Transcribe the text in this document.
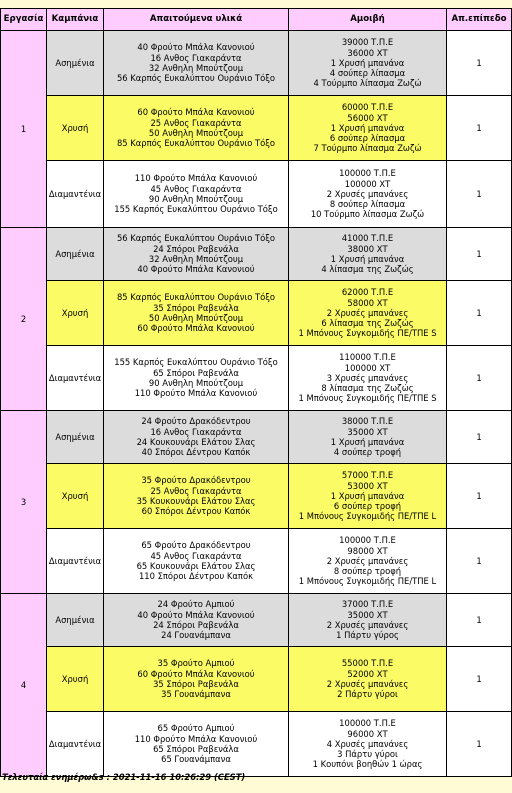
Εργασία	Καμπάνια	Απαιτούμενα υλικά	Αμοιβή	Απ.επίπεδο
1	Ασημένια	40 Φρούτο Μπάλα Κανονιού
16 Ανθος Γιακαράντα
32 Ανθηλη Μπούτζουμ
56 Καρπός Ευκαλύπτου Ουράνιο Τόξο	39000 Τ.Π.Ε
36000 ΧΤ
1 Χρυσή μπανάνα
4 σούπερ λίπασμα
4 Τούρμπο λίπασμα Ζωζώ	1
	Χρυσή	60 Φρούτο Μπάλα Κανονιού
25 Ανθος Γιακαράντα
50 Ανθηλη Μπούτζουμ
85 Καρπός Ευκαλύπτου Ουράνιο Τόξο	60000 Τ.Π.Ε
56000 ΧΤ
1 Χρυσή μπανάνα
6 σούπερ λίπασμα
7 Τούρμπο λίπασμα Ζωζώ	1
	Διαμαντένια	110 Φρούτο Μπάλα Κανονιού
45 Ανθος Γιακαράντα
90 Ανθηλη Μπούτζουμ
155 Καρπός Ευκαλύπτου Ουράνιο Τόξο	100000 Τ.Π.Ε
100000 ΧΤ
2 Χρυσές μπανάνες
8 σούπερ λίπασμα
10 Τούρμπο λίπασμα Ζωζώ	1
2	Ασημένια	56 Καρπός Ευκαλύπτου Ουράνιο Τόξο
24 Σπόροι Ραβενάλα
32 Ανθηλη Μπούτζουμ
40 Φρούτο Μπάλα Κανονιού	41000 Τ.Π.Ε
38000 ΧΤ
1 Χρυσή μπανάνα
4 λίπασμα της Ζωζώς	1
	Χρυσή	85 Καρπός Ευκαλύπτου Ουράνιο Τόξο
35 Σπόροι Ραβενάλα
50 Ανθηλη Μπούτζουμ
60 Φρούτο Μπάλα Κανονιού	62000 Τ.Π.Ε
58000 ΧΤ
2 Χρυσές μπανάνες
6 λίπασμα της Ζωζώς
1 Μπόνους Συγκομιδής ΠΕ/ΤΠΕ S	1
	Διαμαντένια	155 Καρπός Ευκαλύπτου Ουράνιο Τόξο
65 Σπόροι Ραβενάλα
90 Ανθηλη Μπούτζουμ
110 Φρούτο Μπάλα Κανονιού	110000 Τ.Π.Ε
100000 ΧΤ
3 Χρυσές μπανάνες
8 λίπασμα της Ζωζώς
1 Μπόνους Συγκομιδής ΠΕ/ΤΠΕ S	1
3	Ασημένια	24 Φρούτο Δρακόδεντρου
16 Ανθος Γιακαράντα
24 Κουκουνάρι Ελάτου Σλας
40 Σπόροι Δέντρου Καπόκ	38000 Τ.Π.Ε
35000 ΧΤ
1 Χρυσή μπανάνα
4 σούπερ τροφή	1
	Χρυσή	35 Φρούτο Δρακόδεντρου
25 Ανθος Γιακαράντα
35 Κουκουνάρι Ελάτου Σλας
60 Σπόροι Δέντρου Καπόκ	57000 Τ.Π.Ε
53000 ΧΤ
1 Χρυσή μπανάνα
6 σούπερ τροφή
1 Μπόνους Συγκομιδής ΠΕ/ΤΠΕ L	1
	Διαμαντένια	65 Φρούτο Δρακόδεντρου
45 Ανθος Γιακαράντα
65 Κουκουνάρι Ελάτου Σλας
110 Σπόροι Δέντρου Καπόκ	100000 Τ.Π.Ε
98000 ΧΤ
2 Χρυσές μπανάνες
8 σούπερ τροφή
1 Μπόνους Συγκομιδής ΠΕ/ΤΠΕ L	1
4	Ασημένια	24 Φρούτο Αμπιού
40 Φρούτο Μπάλα Κανονιού
24 Σπόροι Ραβενάλα
24 Γουανάμπανα	37000 Τ.Π.Ε
35000 ΧΤ
2 Χρυσές μπανάνες
1 Πάρτυ γύρος	1
	Χρυσή	35 Φρούτο Αμπιού
60 Φρούτο Μπάλα Κανονιού
35 Σπόροι Ραβενάλα
35 Γουανάμπανα	55000 Τ.Π.Ε
52000 ΧΤ
2 Χρυσές μπανάνες
2 Πάρτυ γύροι	1
	Διαμαντένια	65 Φρούτο Αμπιού
110 Φρούτο Μπάλα Κανονιού
65 Σπόροι Ραβενάλα
65 Γουανάμπανα	100000 Τ.Π.Ε
96000 ΧΤ
4 Χρυσές μπανάνες
3 Πάρτυ γύροι
1 Κουπόνι βοηθών 1 ώρας	1
Τελευταία ενημέρω&s : 2021-11-16 10:26:29 (CEST)
